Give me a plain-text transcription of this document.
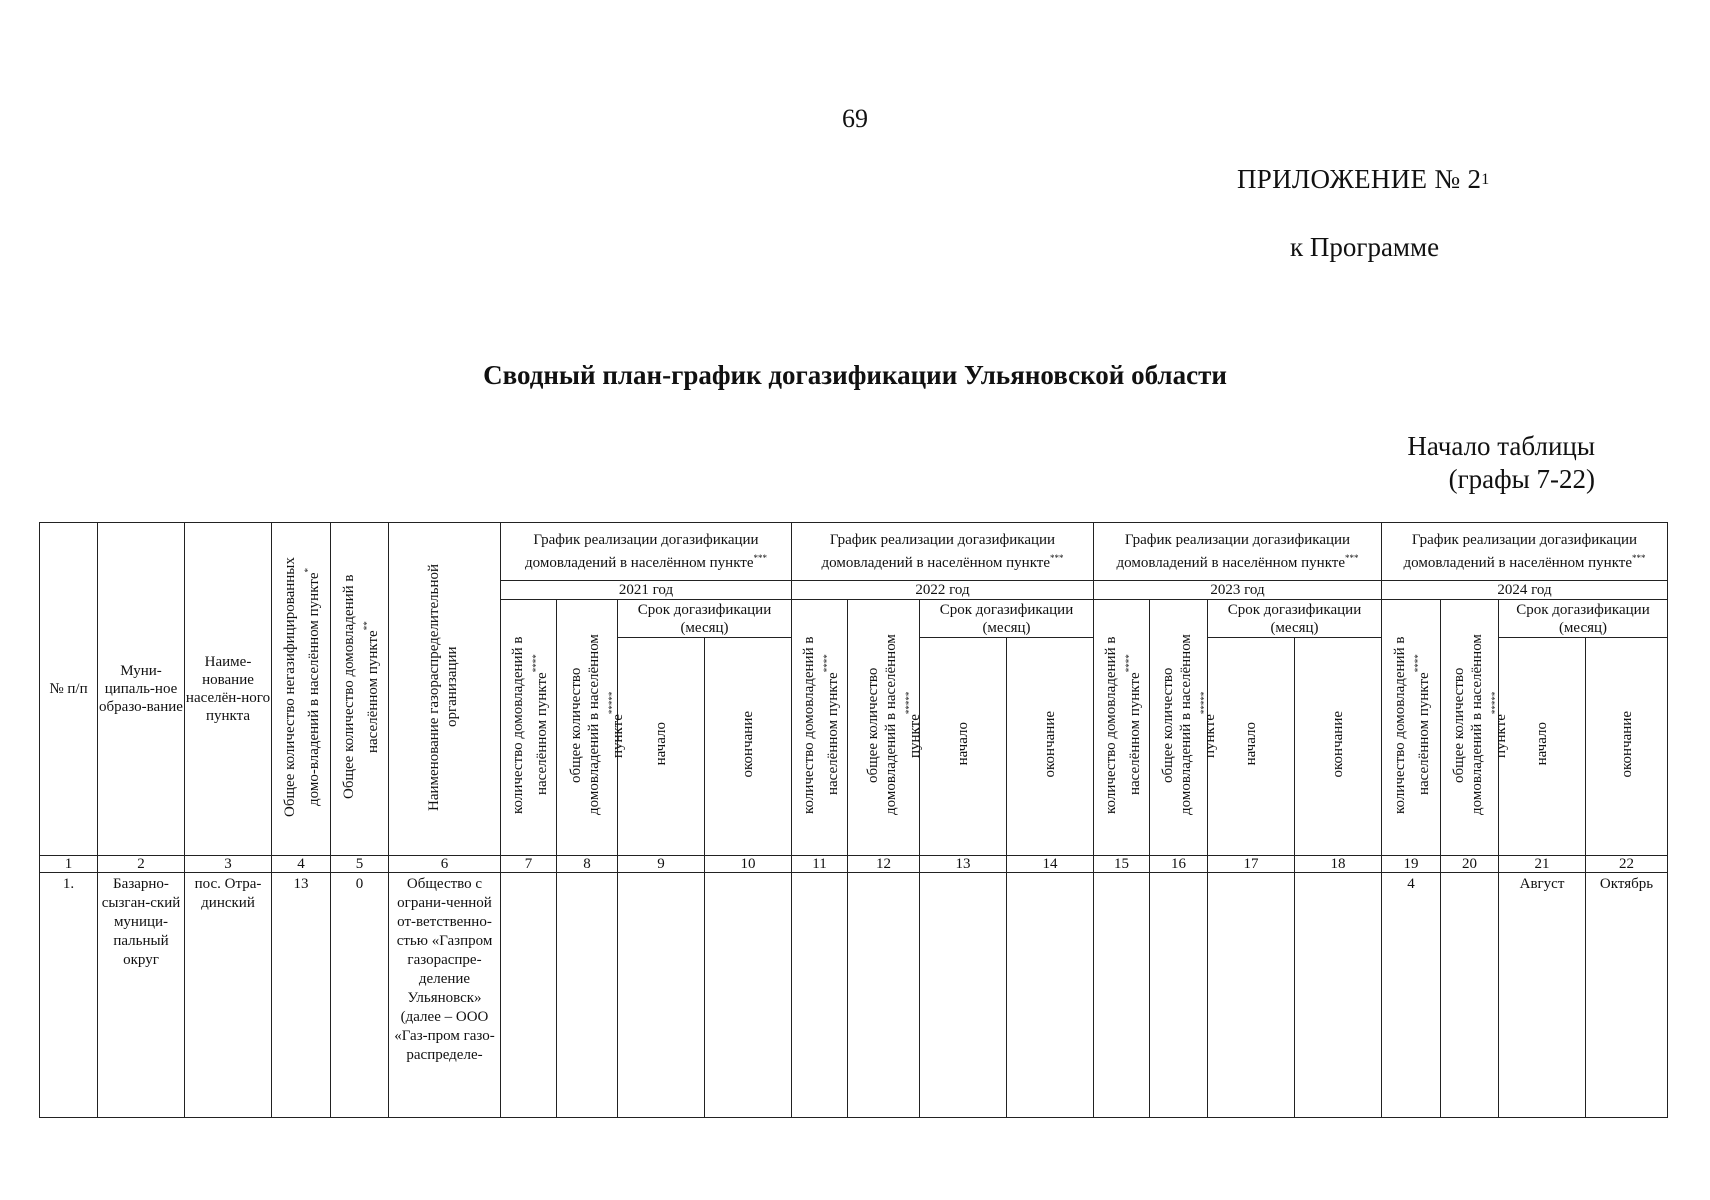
69
ПРИЛОЖЕНИЕ № $2^1$
к Программе
Сводный план-график догазификации Ульяновской области
Начало таблицы
(графы 7-22)
№ п/п	Муни-ципаль-ное образо-вание	Наиме-нование населён-ного пункта	Общее количество негазифицированных домо-владений в населённом пункте*	Общее количество домовладений в населённом пункте**	Наименование газораспределительной организации	График реализации догазификации домовладений в населённом пункте***				График реализации догазификации домовладений в населённом пункте***				График реализации догазификации домовладений в населённом пункте***				График реализации догазификации домовладений в населённом пункте***
						2021 год				2022 год				2023 год				2024 год			
						количество домовладений в населённом пункте****	общее количество домовладений в населённом пункте*****	Срок догазификации (месяц)		количество домовладений в населённом пункте****	общее количество домовладений в населённом пункте*****	Срок догазификации (месяц)		количество домовладений в населённом пункте****	общее количество домовладений в населённом пункте*****	Срок догазификации (месяц)		количество домовладений в населённом пункте****	общее количество домовладений в населённом пункте*****	Срок догазификации (месяц)	
								начало	окончание			начало	окончание			начало	окончание			начало	окончание
1	2	3	4	5	6	7	8	9	10	11	12	13	14	15	16	17	18	19	20	21	22
1.	Базарно-сызган-ский муници-пальный округ	пос. Отра-динский	13	0	Общество с ограни-ченной от-ветственно-стью «Газпром газораспре-деление Ульяновск» (далее – ООО «Газ-пром газо-распределе-													4		Август	Октябрь
